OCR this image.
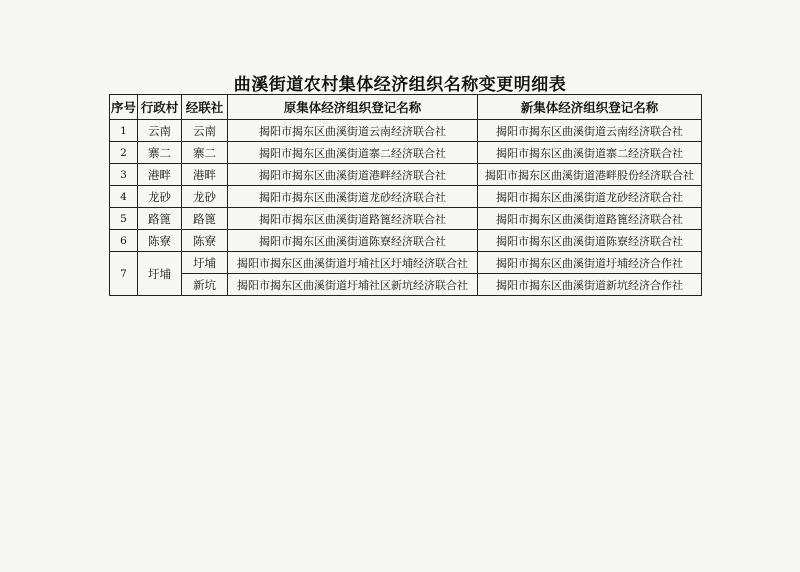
曲溪街道农村集体经济组织名称变更明细表
序号	行政村	经联社	原集体经济组织登记名称	新集体经济组织登记名称
1	云南	云南	揭阳市揭东区曲溪街道云南经济联合社	揭阳市揭东区曲溪街道云南经济联合社
2	寨二	寨二	揭阳市揭东区曲溪街道寨二经济联合社	揭阳市揭东区曲溪街道寨二经济联合社
3	港畔	港畔	揭阳市揭东区曲溪街道港畔经济联合社	揭阳市揭东区曲溪街道港畔股份经济联合社
4	龙砂	龙砂	揭阳市揭东区曲溪街道龙砂经济联合社	揭阳市揭东区曲溪街道龙砂经济联合社
5	路篦	路篦	揭阳市揭东区曲溪街道路篦经济联合社	揭阳市揭东区曲溪街道路篦经济联合社
6	陈寮	陈寮	揭阳市揭东区曲溪街道陈寮经济联合社	揭阳市揭东区曲溪街道陈寮经济联合社
7	圩埔	圩埔	揭阳市揭东区曲溪街道圩埔社区圩埔经济联合社	揭阳市揭东区曲溪街道圩埔经济合作社
		新坑	揭阳市揭东区曲溪街道圩埔社区新坑经济联合社	揭阳市揭东区曲溪街道新坑经济合作社
